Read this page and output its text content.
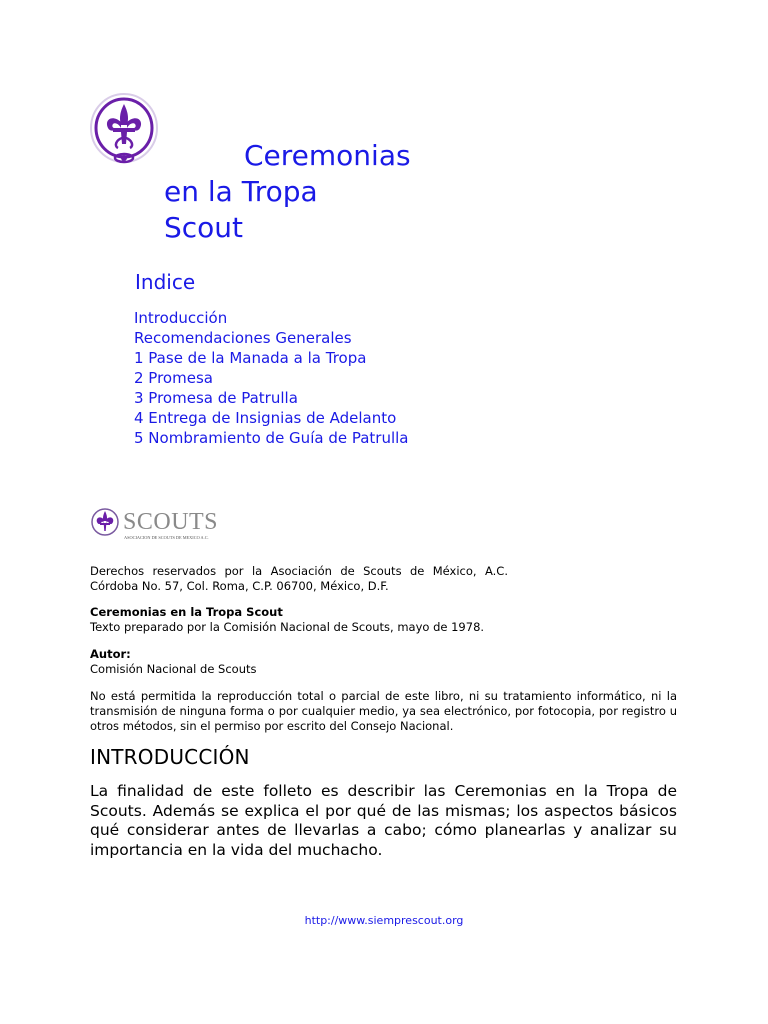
Ceremonias
en la Tropa
Scout
Indice
Introducción
Recomendaciones Generales
1 Pase de la Manada a la Tropa
2 Promesa
3 Promesa de Patrulla
4 Entrega de Insignias de Adelanto
5 Nombramiento de Guía de Patrulla
SCOUTS
ASOCIACION DE SCOUTS DE MEXICO A.C.
Derechos reservados por la Asociación de Scouts de México, A.C.
Córdoba No. 57, Col. Roma, C.P. 06700, México, D.F.
Ceremonias en la Tropa Scout
Texto preparado por la Comisión Nacional de Scouts, mayo de 1978.
Autor:
Comisión Nacional de Scouts
No está permitida la reproducción total o parcial de este libro, ni su tratamiento informático, ni la transmisión de ninguna forma o por cualquier medio, ya sea electrónico, por fotocopia, por registro u otros métodos, sin el permiso por escrito del Consejo Nacional.
INTRODUCCIÓN

La finalidad de este folleto es describir las Ceremonias en la Tropa de Scouts. Además se explica el por qué de las mismas; los aspectos básicos qué considerar antes de llevarlas a cabo; cómo planearlas y analizar su importancia en la vida del muchacho.

http://www.siemprescout.org
